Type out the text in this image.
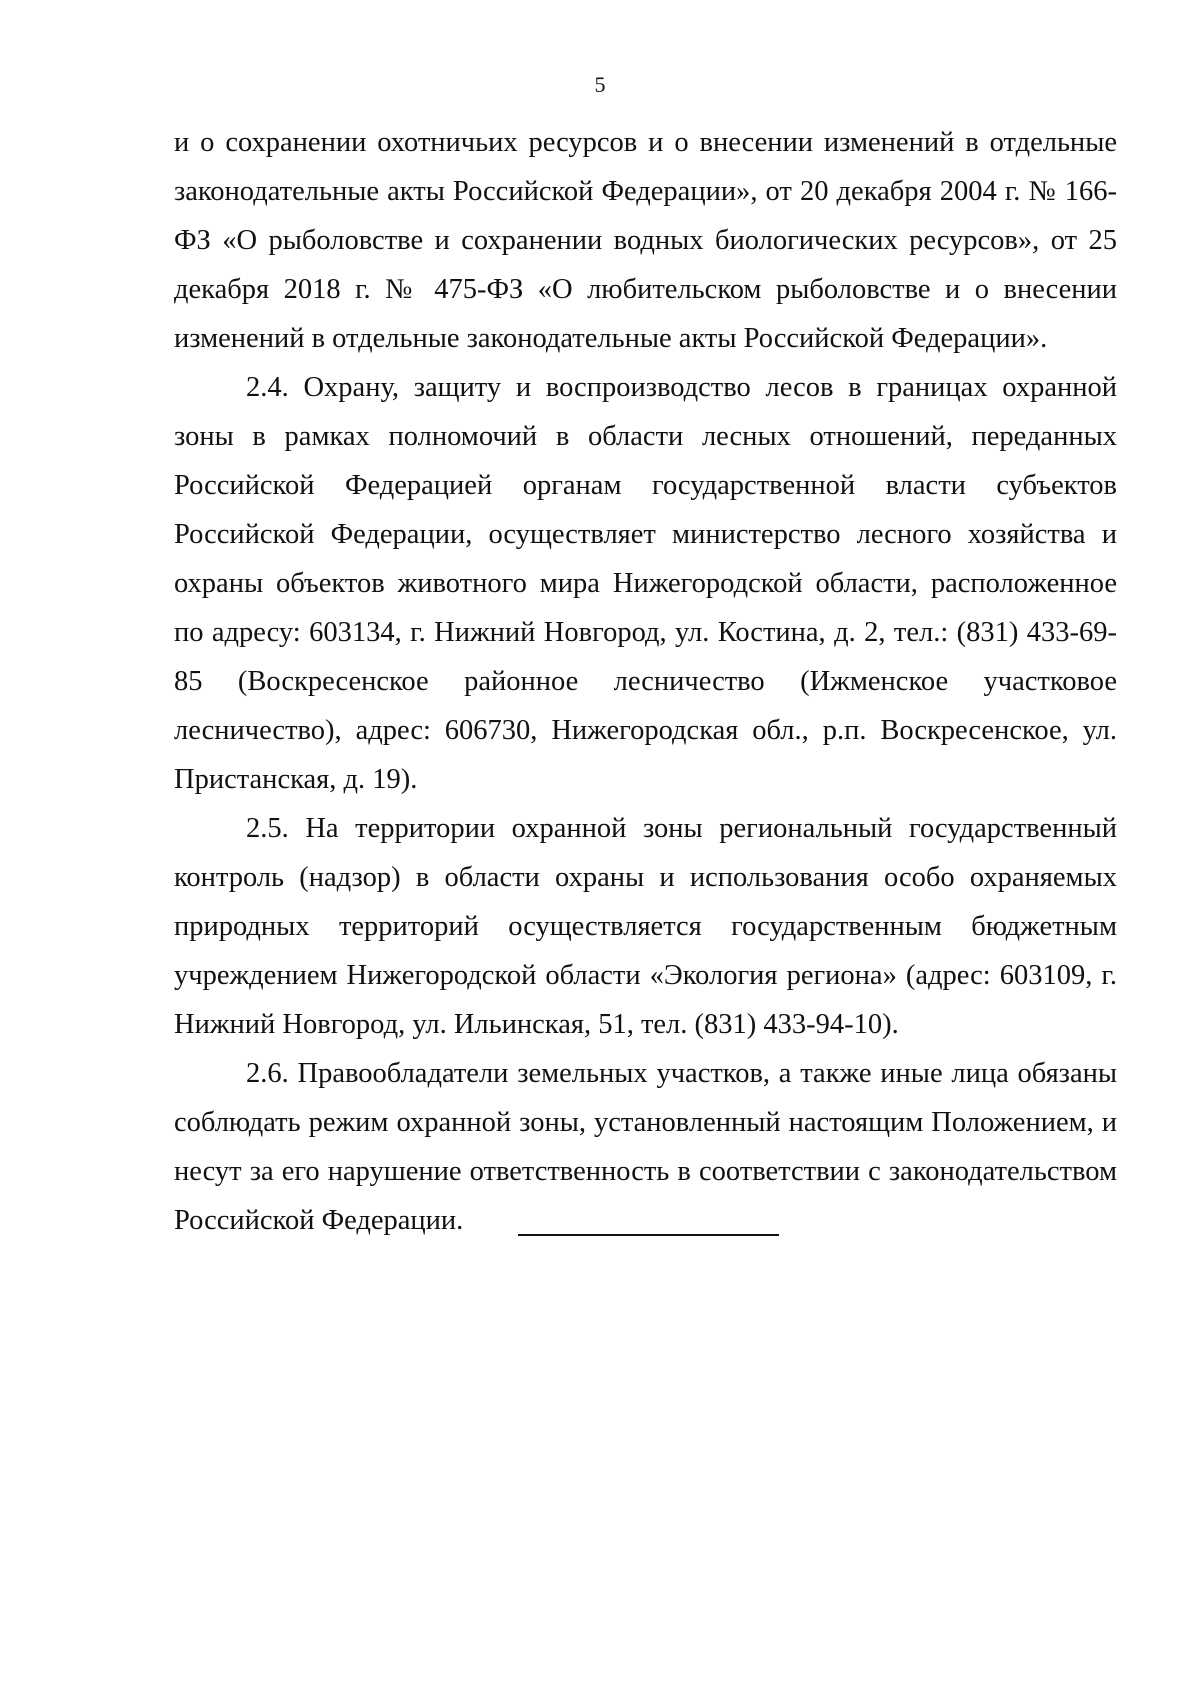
5

и о сохранении охотничьих ресурсов и о внесении изменений в отдельные законодательные акты Российской Федерации», от 20 декабря 2004 г. № 166-ФЗ «О рыболовстве и сохранении водных биологических ресурсов», от 25 декабря 2018 г. № 475-ФЗ «О любительском рыболовстве и о внесении изменений в отдельные законодательные акты Российской Федерации».

2.4. Охрану, защиту и воспроизводство лесов в границах охранной зоны в рамках полномочий в области лесных отношений, переданных Российской Федерацией органам государственной власти субъектов Российской Федерации, осуществляет министерство лесного хозяйства и охраны объектов животного мира Нижегородской области, расположенное по адресу: 603134, г. Нижний Новгород, ул. Костина, д. 2, тел.: (831) 433-69-85 (Воскресенское районное лесничество (Ижменское участковое лесничество), адрес: 606730, Нижегородская обл., р.п. Воскресенское, ул. Пристанская, д. 19).

2.5. На территории охранной зоны региональный государственный контроль (надзор) в области охраны и использования особо охраняемых природных территорий осуществляется государственным бюджетным учреждением Нижегородской области «Экология региона» (адрес: 603109, г. Нижний Новгород, ул. Ильинская, 51, тел. (831) 433-94-10).

2.6. Правообладатели земельных участков, а также иные лица обязаны соблюдать режим охранной зоны, установленный настоящим Положением, и несут за его нарушение ответственность в соответствии с законодательством Российской Федерации.
